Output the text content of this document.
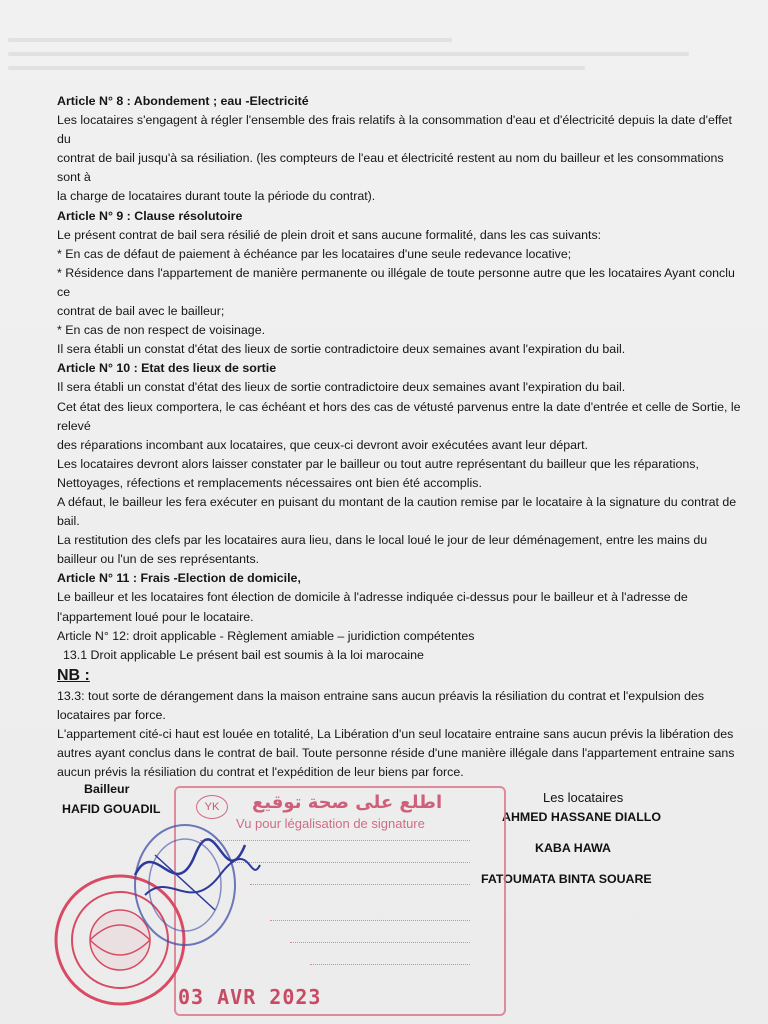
Article N° 8 : Abondement ; eau -Electricité

Les locataires s'engagent à régler l'ensemble des frais relatifs à la consommation d'eau et d'électricité depuis la date d'effet du

contrat de bail jusqu'à sa résiliation. (les compteurs de l'eau et électricité restent au nom du bailleur et les consommations sont à

la charge de locataires durant toute la période du contrat).

Article N° 9 : Clause résolutoire

Le présent contrat de bail sera résilié de plein droit et sans aucune formalité, dans les cas suivants:

* En cas de défaut de paiement à échéance par les locataires d'une seule redevance locative;

* Résidence dans l'appartement de manière permanente ou illégale de toute personne autre que les locataires Ayant conclu ce

contrat de bail avec le bailleur;

* En cas de non respect de voisinage.

Il sera établi un constat d'état des lieux de sortie contradictoire deux semaines avant l'expiration du bail.

Article N° 10 : Etat des lieux de sortie

Il sera établi un constat d'état des lieux de sortie contradictoire deux semaines avant l'expiration du bail.

Cet état des lieux comportera, le cas échéant et hors des cas de vétusté parvenus entre la date d'entrée et celle de Sortie, le relevé

des réparations incombant aux locataires, que ceux-ci devront avoir exécutées avant leur départ.

Les locataires devront alors laisser constater par le bailleur ou tout autre représentant du bailleur que les réparations, Nettoyages, réfections et remplacements nécessaires ont bien été accomplis.

A défaut, le bailleur les fera exécuter en puisant du montant de la caution remise par le locataire à la signature du contrat de bail.

La restitution des clefs par les locataires aura lieu, dans le local loué le jour de leur déménagement, entre les mains du bailleur ou l'un de ses représentants.

Article N° 11 : Frais -Election de domicile,

Le bailleur et les locataires font élection de domicile à l'adresse indiquée ci-dessus pour le bailleur et à l'adresse de l'appartement loué pour le locataire.

Article N° 12: droit applicable - Règlement amiable – juridiction compétentes

13.1 Droit applicable Le présent bail est soumis à la loi marocaine

NB :

13.3: tout sorte de dérangement dans la maison entraine sans aucun préavis la résiliation du contrat et l'expulsion des locataires par force.

L'appartement cité-ci haut est louée en totalité, La Libération d'un seul locataire entraine sans aucun prévis la libération des autres ayant conclus dans le contrat de bail. Toute personne réside d'une manière illégale dans l'appartement entraine sans aucun prévis la résiliation du contrat et l'expédition de leur biens par force.

Bailleur
HAFID GOUADIL
Les locataires
AHMED HASSANE DIALLO
KABA HAWA
FATOUMATA BINTA SOUARE
YK	اطلع على صحة توقيع
Vu pour légalisation de signature
03 AVR 2023
